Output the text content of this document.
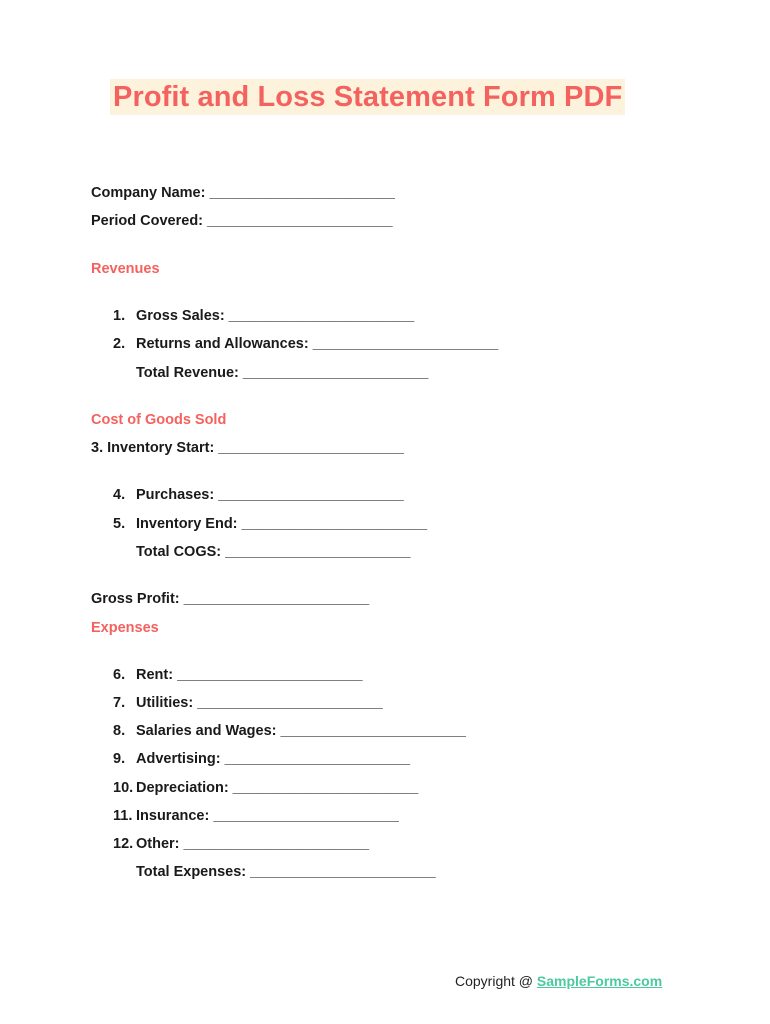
Profit and Loss Statement Form PDF
Company Name: _______________________
Period Covered: _______________________
Revenues
1. Gross Sales: _______________________
2. Returns and Allowances: _______________________
Total Revenue: _______________________
Cost of Goods Sold
3. Inventory Start: _______________________
4. Purchases: _______________________
5. Inventory End: _______________________
Total COGS: _______________________
Gross Profit: _______________________
Expenses
6. Rent: _______________________
7. Utilities: _______________________
8. Salaries and Wages: _______________________
9. Advertising: _______________________
10. Depreciation: _______________________
11. Insurance: _______________________
12. Other: _______________________
Total Expenses: _______________________
Copyright @ SampleForms.com
